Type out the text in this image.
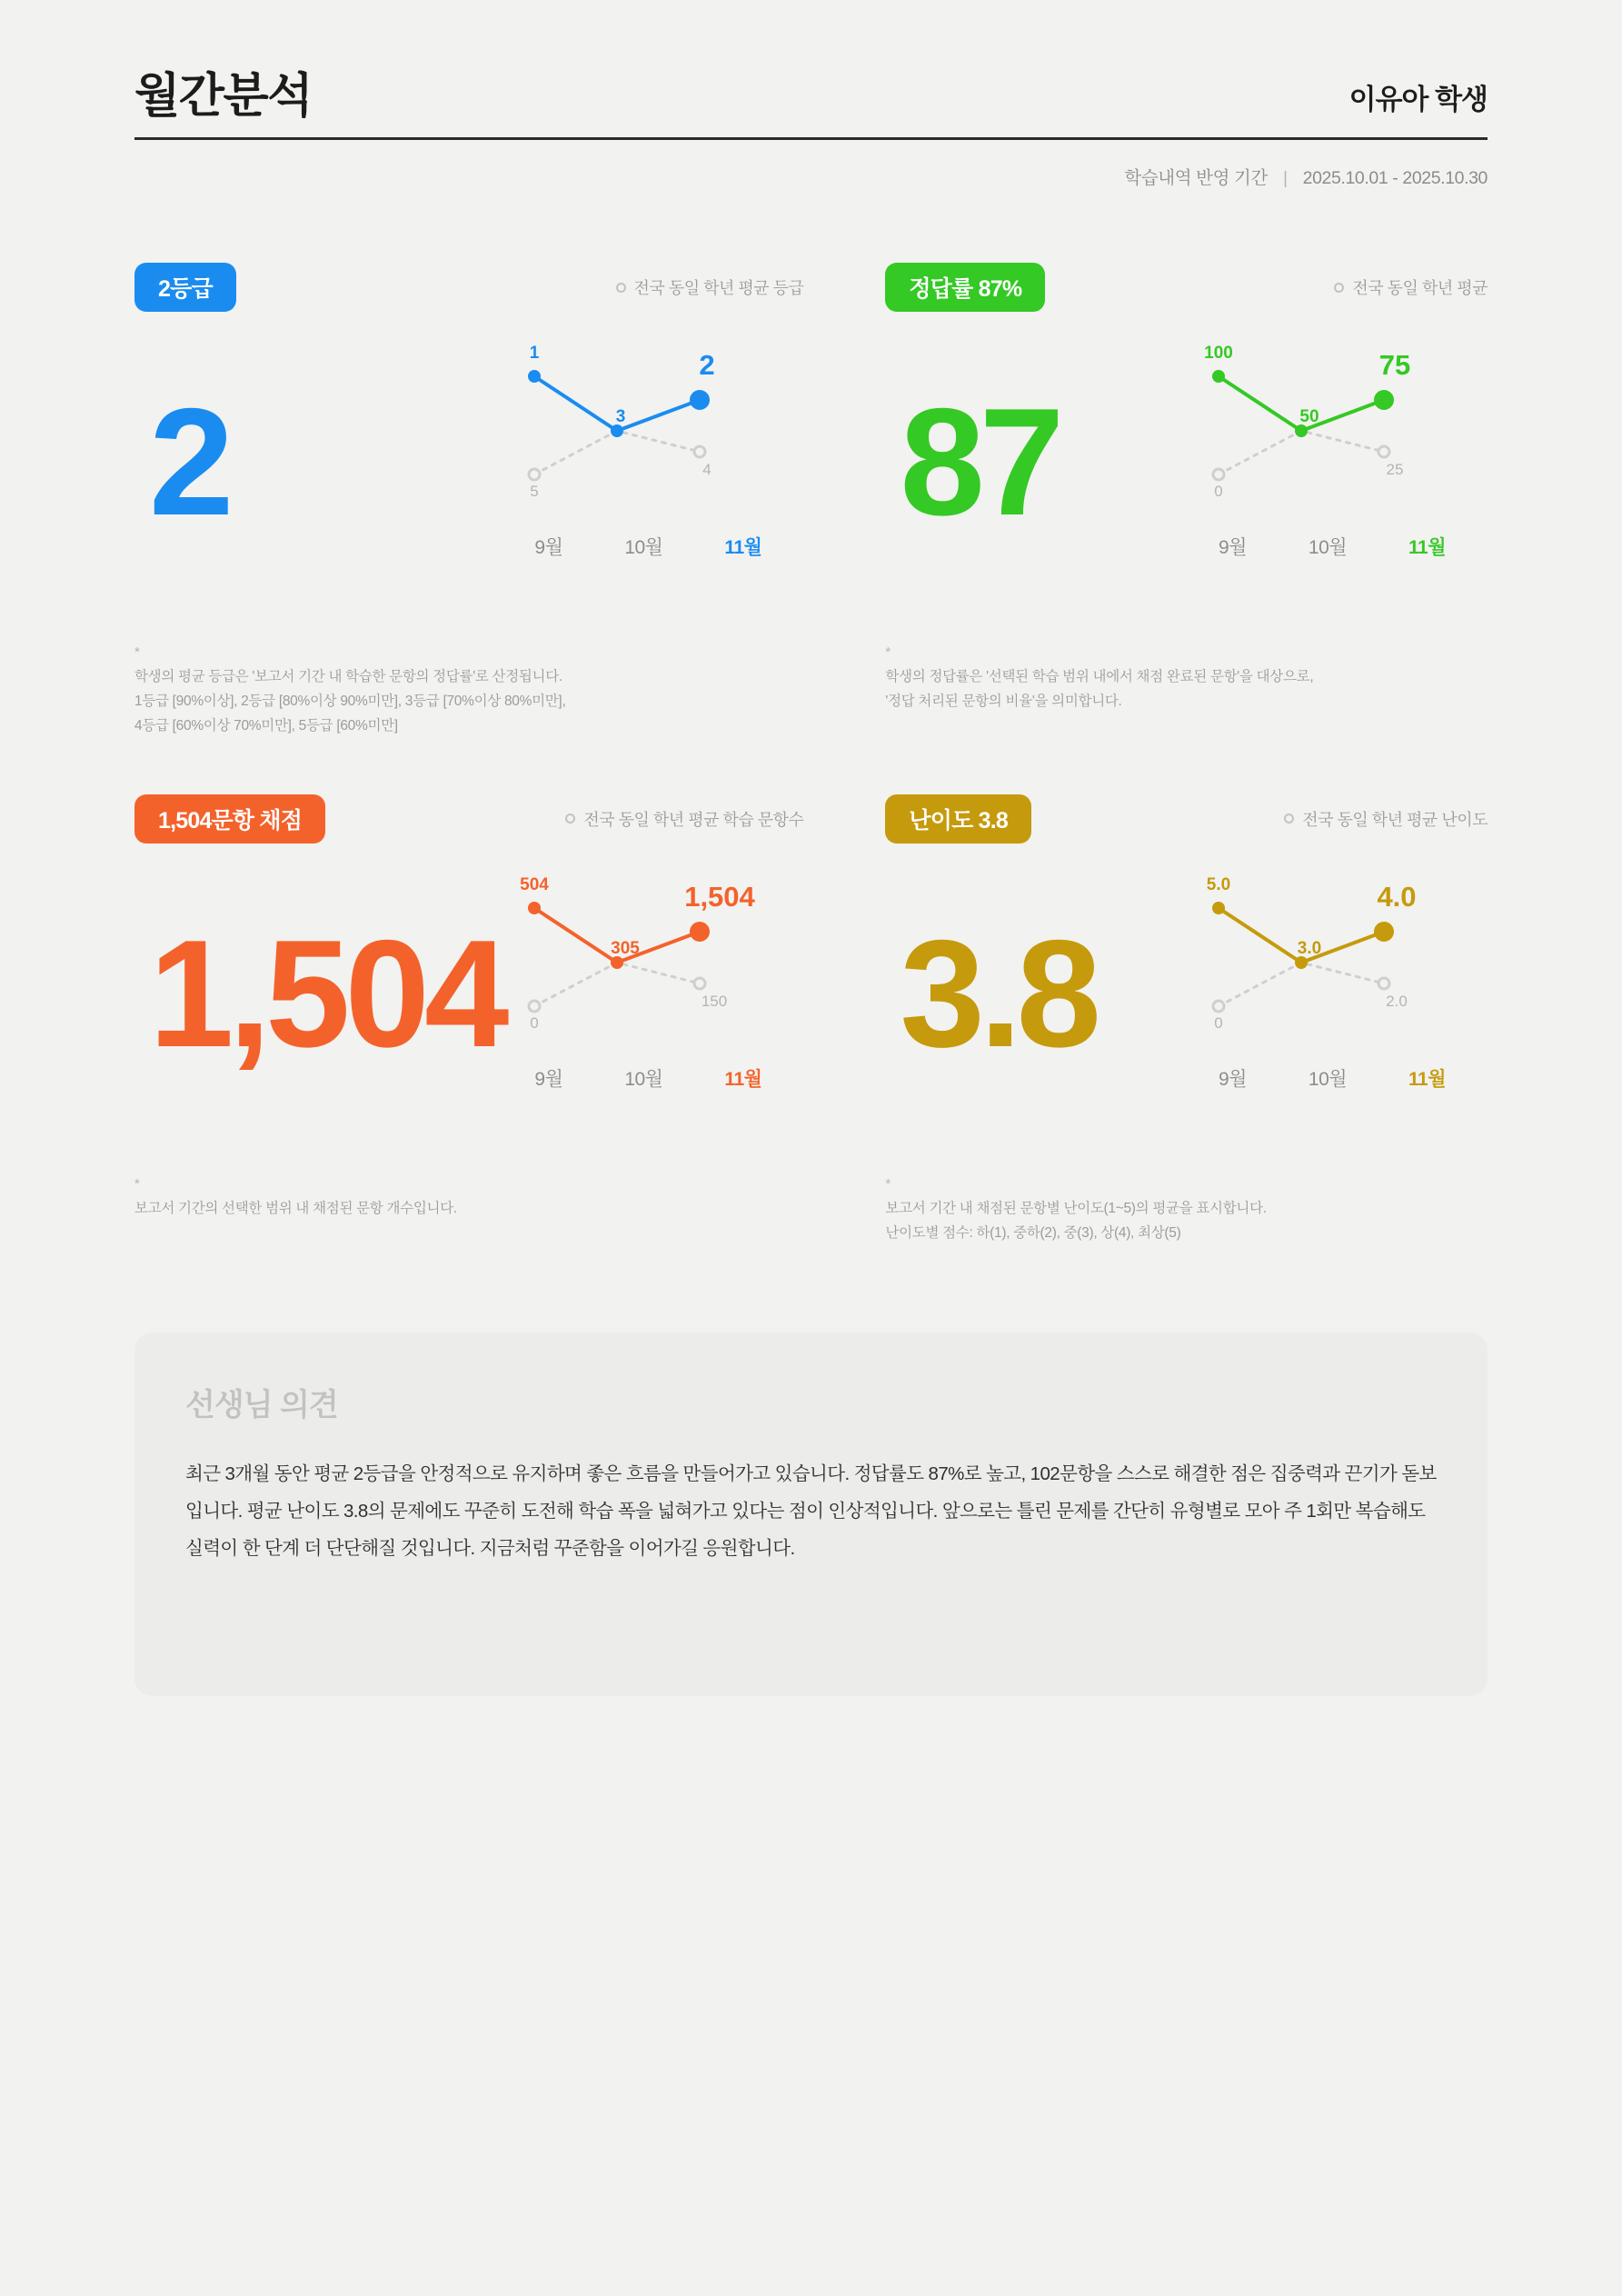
월간분석	이유아 학생
학습내역 반영 기간 | 2025.10.01 - 2025.10.30
2등급	전국 동일 학년 평균 등급
2	5
4
1
3
2
9월	10월	11월
*
학생의 평균 등급은 '보고서 기간 내 학습한 문항의 정답률'로 산정됩니다.
1등급 [90%이상], 2등급 [80%이상 90%미만], 3등급 [70%이상 80%미만],
4등급 [60%이상 70%미만], 5등급 [60%미만]
정답률 87%	전국 동일 학년 평균
87	0
25
100
50
75
9월	10월	11월
*
학생의 정답률은 '선택된 학습 범위 내에서 채점 완료된 문항'을 대상으로,
'정답 처리된 문항의 비율'을 의미합니다.
1,504문항 채점	전국 동일 학년 평균 학습 문항수
1,504 0
150
504
305
1,504
9월	10월	11월
*
보고서 기간의 선택한 범위 내 채점된 문항 개수입니다.
난이도 3.8	전국 동일 학년 평균 난이도
3.8	0
2.0
5.0
3.0
4.0
9월	10월	11월
*
보고서 기간 내 채점된 문항별 난이도(1~5)의 평균을 표시합니다.
난이도별 점수: 하(1), 중하(2), 중(3), 상(4), 최상(5)
선생님 의견
최근 3개월 동안 평균 2등급을 안정적으로 유지하며 좋은 흐름을 만들어가고 있습니다. 정답률도 87%로 높고, 102문항을 스스로 해결한 점은 집중력과 끈기가 돋보입니다. 평균 난이도 3.8의 문제에도 꾸준히 도전해 학습 폭을 넓혀가고 있다는 점이 인상적입니다. 앞으로는 틀린 문제를 간단히 유형별로 모아 주 1회만 복습해도 실력이 한 단계 더 단단해질 것입니다. 지금처럼 꾸준함을 이어가길 응원합니다.
